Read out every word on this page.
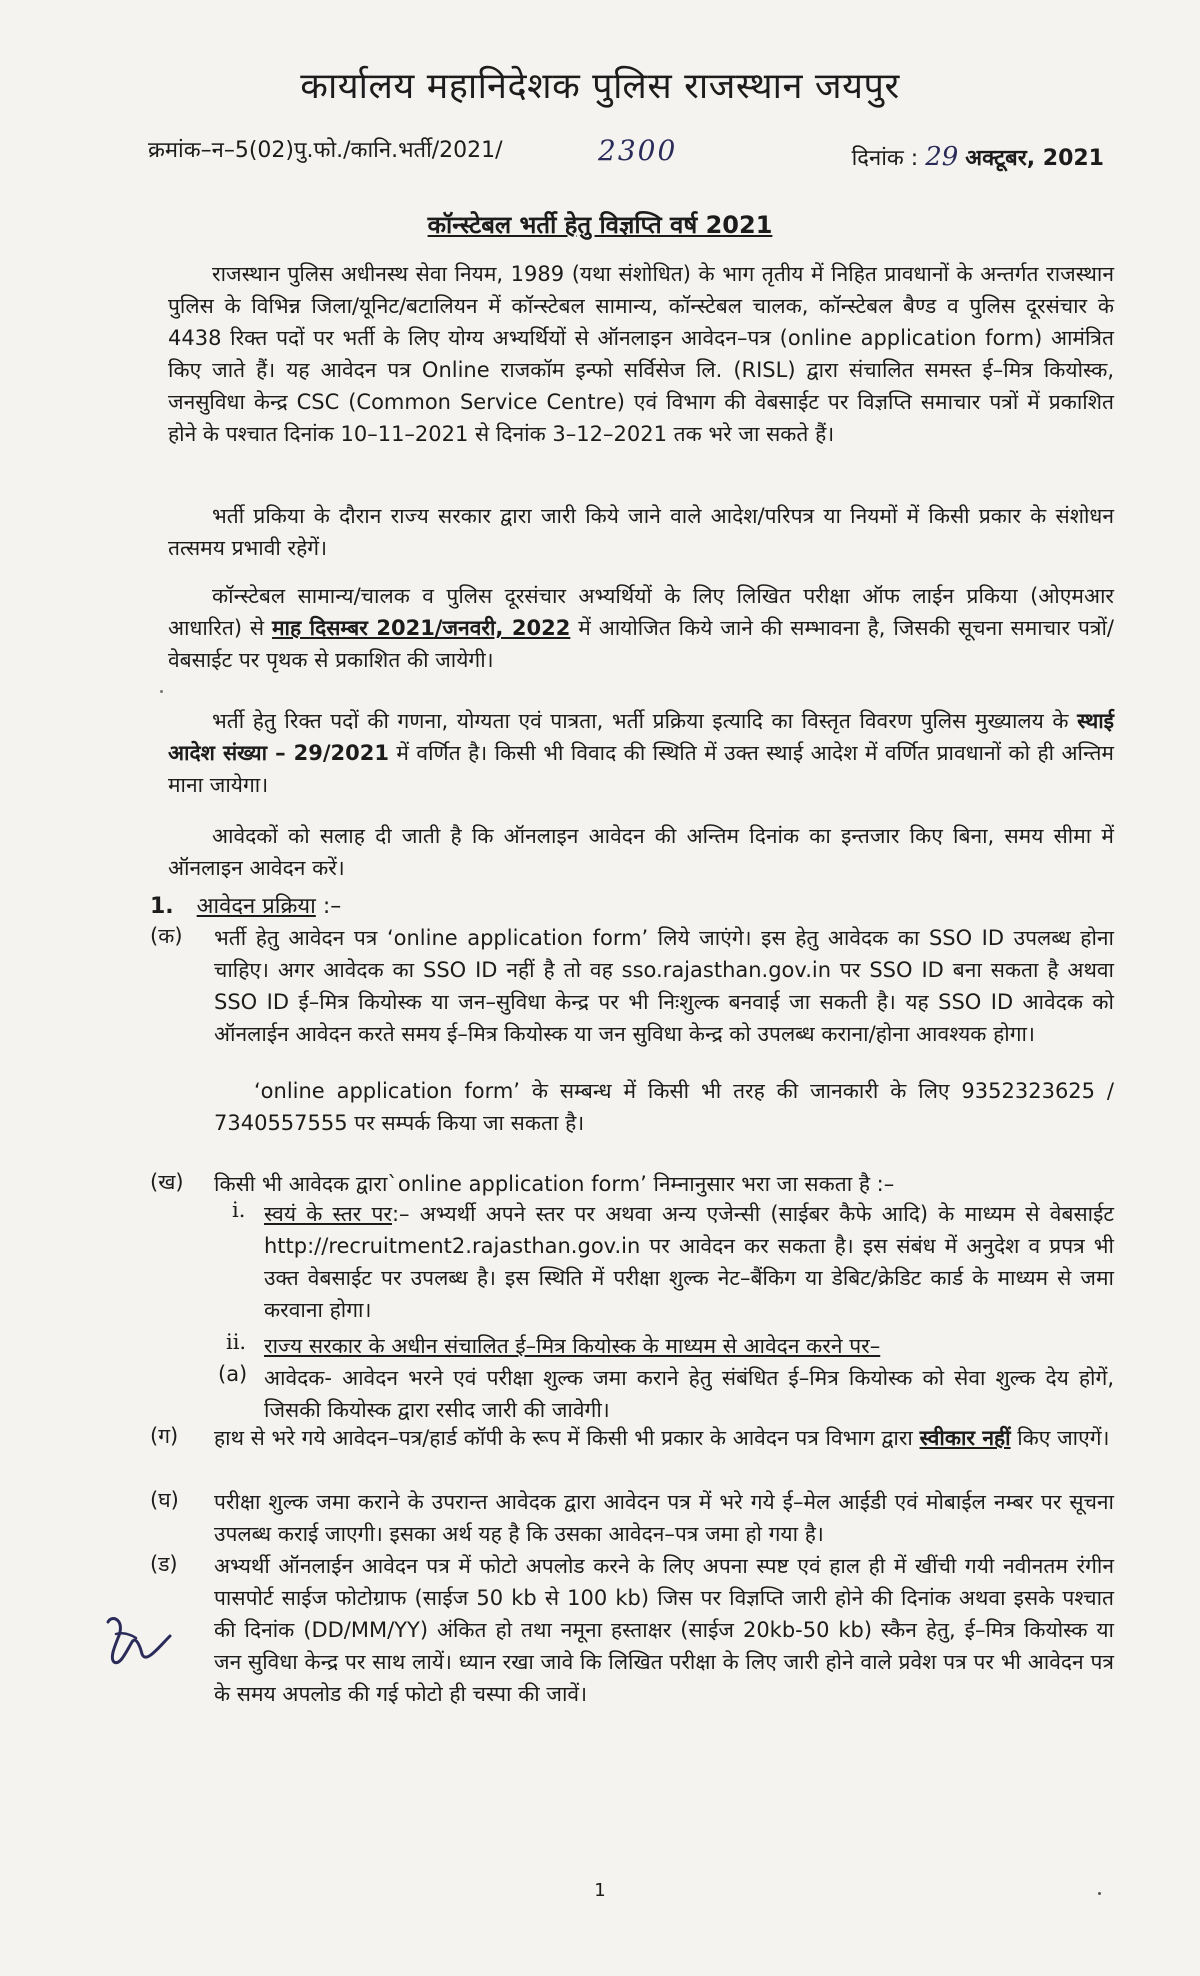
कार्यालय महानिदेशक पुलिस राजस्थान जयपुर
क्रमांक–न–5(02)पु.फो./कानि.भर्ती/2021/	2300	दिनांक : 29 अक्टूबर, 2021
कॉन्स्टेबल भर्ती हेतु विज्ञप्ति वर्ष 2021
राजस्थान पुलिस अधीनस्थ सेवा नियम, 1989 (यथा संशोधित) के भाग तृतीय में निहित प्रावधानों के अन्तर्गत राजस्थान पुलिस के विभिन्न जिला/यूनिट/बटालियन में कॉन्स्टेबल सामान्य, कॉन्स्टेबल चालक, कॉन्स्टेबल बैण्ड व पुलिस दूरसंचार के 4438 रिक्त पदों पर भर्ती के लिए योग्य अभ्यर्थियों से ऑनलाइन आवेदन–पत्र (online application form) आमंत्रित किए जाते हैं। यह आवेदन पत्र Online राजकॉम इन्फो सर्विसेज लि. (RISL) द्वारा संचालित समस्त ई–मित्र कियोस्क, जनसुविधा केन्द्र CSC (Common Service Centre) एवं विभाग की वेबसाईट पर विज्ञप्ति समाचार पत्रों में प्रकाशित होने के पश्चात दिनांक 10–11–2021 से दिनांक 3–12–2021 तक भरे जा सकते हैं।
भर्ती प्रकिया के दौरान राज्य सरकार द्वारा जारी किये जाने वाले आदेश/परिपत्र या नियमों में किसी प्रकार के संशोधन तत्समय प्रभावी रहेगें।
कॉन्स्टेबल सामान्य/चालक व पुलिस दूरसंचार अभ्यर्थियों के लिए लिखित परीक्षा ऑफ लाईन प्रकिया (ओएमआर आधारित) से माह दिसम्बर 2021/जनवरी, 2022 में आयोजित किये जाने की सम्भावना है, जिसकी सूचना समाचार पत्रों/वेबसाईट पर पृथक से प्रकाशित की जायेगी।
भर्ती हेतु रिक्त पदों की गणना, योग्यता एवं पात्रता, भर्ती प्रक्रिया इत्यादि का विस्तृत विवरण पुलिस मुख्यालय के स्थाई आदेश संख्या – 29/2021 में वर्णित है। किसी भी विवाद की स्थिति में उक्त स्थाई आदेश में वर्णित प्रावधानों को ही अन्तिम माना जायेगा।
आवेदकों को सलाह दी जाती है कि ऑनलाइन आवेदन की अन्तिम दिनांक का इन्तजार किए बिना, समय सीमा में ऑनलाइन आवेदन करें।
1. आवेदन प्रक्रिया :–
(क) भर्ती हेतु आवेदन पत्र ‘online application form’ लिये जाएंगे। इस हेतु आवेदक का SSO ID उपलब्ध होना चाहिए। अगर आवेदक का SSO ID नहीं है तो वह sso.rajasthan.gov.in पर SSO ID बना सकता है अथवा SSO ID ई–मित्र कियोस्क या जन–सुविधा केन्द्र पर भी निःशुल्क बनवाई जा सकती है। यह SSO ID आवेदक को ऑनलाईन आवेदन करते समय ई–मित्र कियोस्क या जन सुविधा केन्द्र को उपलब्ध कराना/होना आवश्यक होगा।
‘online application form’ के सम्बन्ध में किसी भी तरह की जानकारी के लिए 9352323625 / 7340557555 पर सम्पर्क किया जा सकता है।
(ख) किसी भी आवेदक द्वारा`online application form’ निम्नानुसार भरा जा सकता है :–
i. स्वयं के स्तर पर:– अभ्यर्थी अपने स्तर पर अथवा अन्य एजेन्सी (साईबर कैफे आदि) के माध्यम से वेबसाईट http://recruitment2.rajasthan.gov.in पर आवेदन कर सकता है। इस संबंध में अनुदेश व प्रपत्र भी उक्त वेबसाईट पर उपलब्ध है। इस स्थिति में परीक्षा शुल्क नेट–बैंकिग या डेबिट/क्रेडिट कार्ड के माध्यम से जमा करवाना होगा।
ii. राज्य सरकार के अधीन संचालित ई–मित्र कियोस्क के माध्यम से आवेदन करने पर–
(a) आवेदक- आवेदन भरने एवं परीक्षा शुल्क जमा कराने हेतु संबंधित ई–मित्र कियोस्क को सेवा शुल्क देय होगें, जिसकी कियोस्क द्वारा रसीद जारी की जावेगी।
(ग) हाथ से भरे गये आवेदन–पत्र/हार्ड कॉपी के रूप में किसी भी प्रकार के आवेदन पत्र विभाग द्वारा स्वीकार नहीं किए जाएगें।
(घ) परीक्षा शुल्क जमा कराने के उपरान्त आवेदक द्वारा आवेदन पत्र में भरे गये ई–मेल आईडी एवं मोबाईल नम्बर पर सूचना उपलब्ध कराई जाएगी। इसका अर्थ यह है कि उसका आवेदन–पत्र जमा हो गया है।
(ड) अभ्यर्थी ऑनलाईन आवेदन पत्र में फोटो अपलोड करने के लिए अपना स्पष्ट एवं हाल ही में खींची गयी नवीनतम रंगीन पासपोर्ट साईज फोटोग्राफ (साईज 50 kb से 100 kb) जिस पर विज्ञप्ति जारी होने की दिनांक अथवा इसके पश्चात की दिनांक (DD/MM/YY) अंकित हो तथा नमूना हस्ताक्षर (साईज 20kb-50 kb) स्कैन हेतु, ई–मित्र कियोस्क या जन सुविधा केन्द्र पर साथ लायें। ध्यान रखा जावे कि लिखित परीक्षा के लिए जारी होने वाले प्रवेश पत्र पर भी आवेदन पत्र के समय अपलोड की गई फोटो ही चस्पा की जावें।
1
